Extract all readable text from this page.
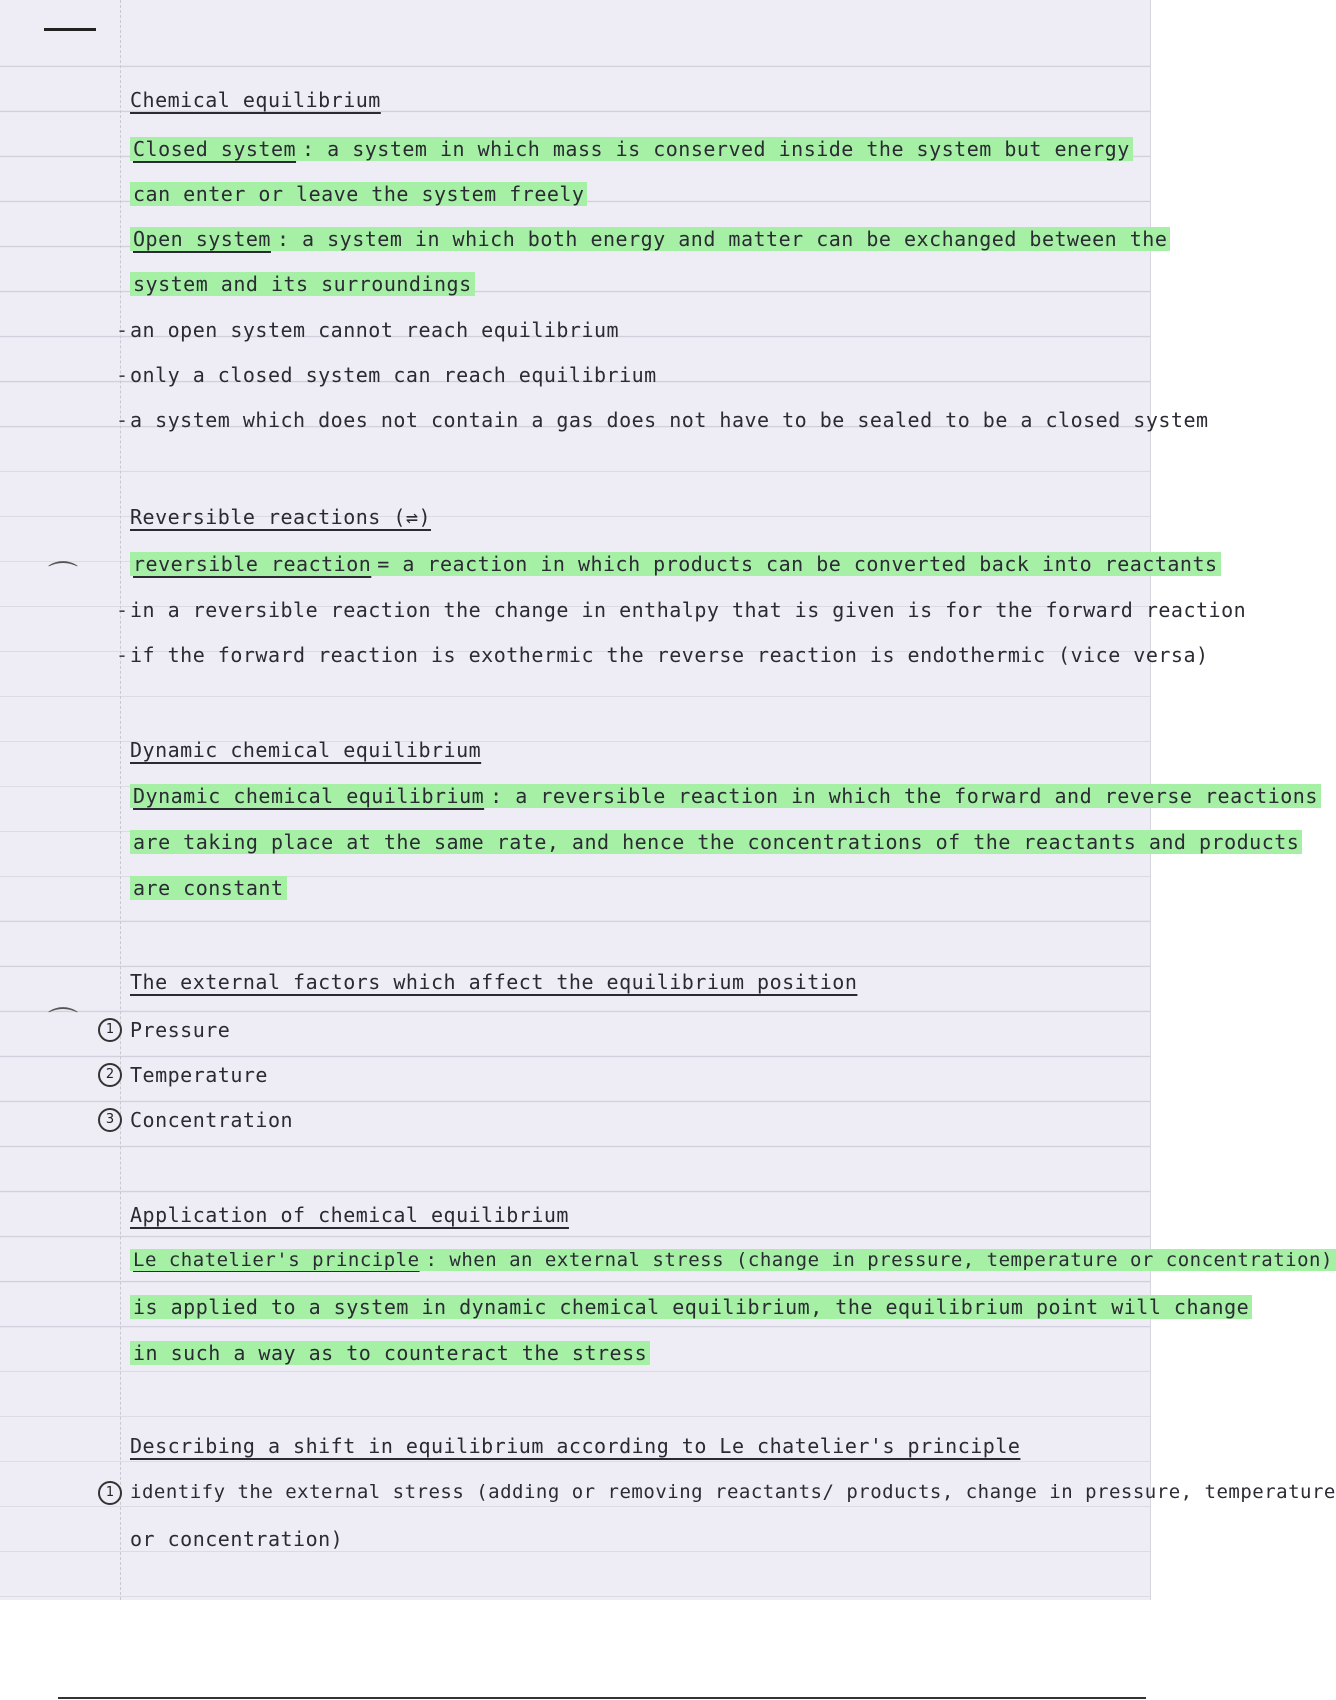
⌒
⌒
Chemical equilibrium
Closed system : a system in which mass is conserved inside the system but energy
can enter or leave the system freely
Open system : a system in which both energy and matter can be exchanged between the
system and its surroundings
- an open system cannot reach equilibrium
- only a closed system can reach equilibrium
- a system which does not contain a gas does not have to be sealed to be a closed system
Reversible reactions (⇌)
reversible reaction = a reaction in which products can be converted back into reactants
- in a reversible reaction the change in enthalpy that is given is for the forward reaction
- if the forward reaction is exothermic the reverse reaction is endothermic (vice versa)
Dynamic chemical equilibrium
Dynamic chemical equilibrium : a reversible reaction in which the forward and reverse reactions
are taking place at the same rate, and hence the concentrations of the reactants and products
are constant
The external factors which affect the equilibrium position
1 Pressure
2 Temperature
3 Concentration
Application of chemical equilibrium
Le chatelier's principle : when an external stress (change in pressure, temperature or concentration)
is applied to a system in dynamic chemical equilibrium, the equilibrium point will change
in such a way as to counteract the stress
Describing a shift in equilibrium according to Le chatelier's principle
1 identify the external stress (adding or removing reactants/ products, change in pressure, temperature
or concentration)
